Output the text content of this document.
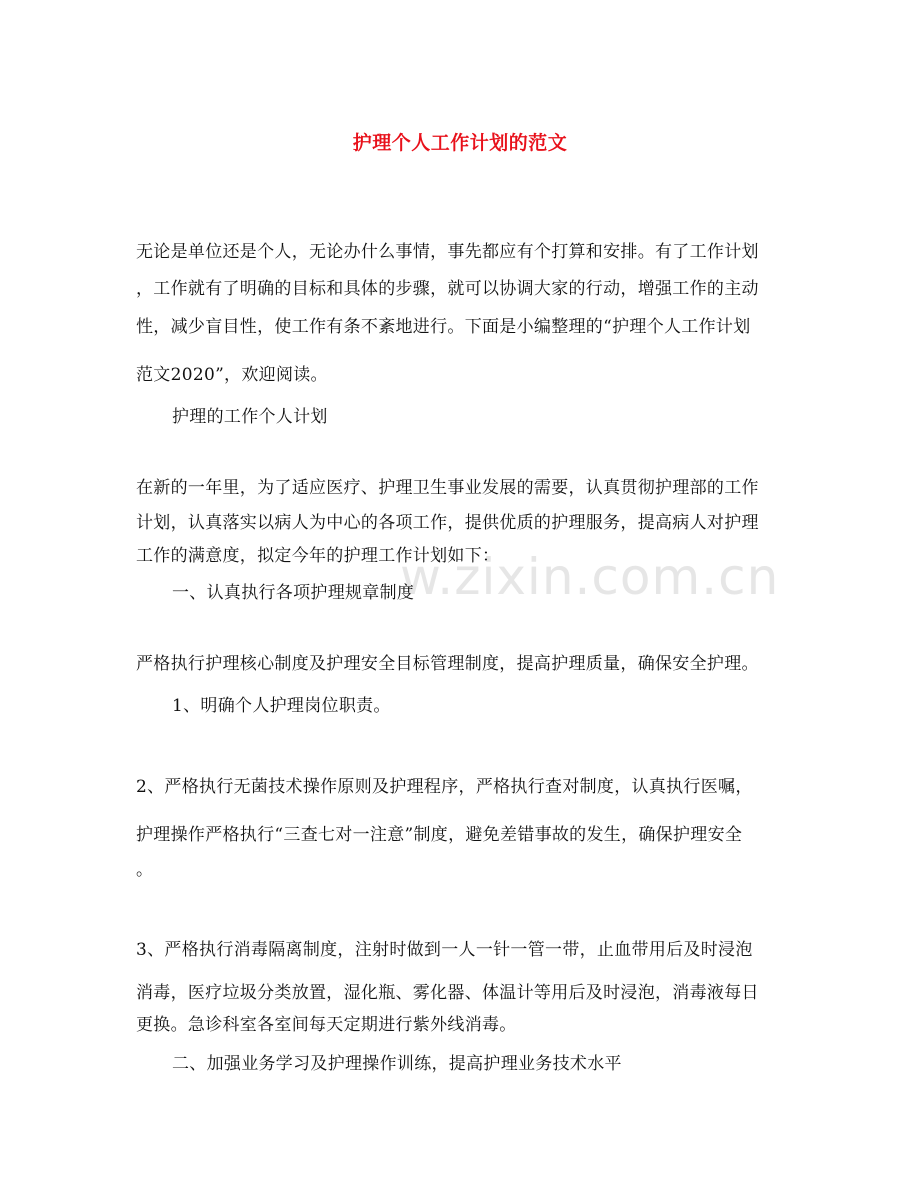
w.zixin.com.cn
护理个人工作计划的范文
无论是单位还是个人，无论办什么事情，事先都应有个打算和安排。有了工作计划
，工作就有了明确的目标和具体的步骤，就可以协调大家的行动，增强工作的主动
性，减少盲目性，使工作有条不紊地进行。下面是小编整理的“护理个人工作计划
范文2020”，欢迎阅读。
护理的工作个人计划
在新的一年里，为了适应医疗、护理卫生事业发展的需要，认真贯彻护理部的工作
计划，认真落实以病人为中心的各项工作，提供优质的护理服务，提高病人对护理
工作的满意度，拟定今年的护理工作计划如下：
一、认真执行各项护理规章制度
严格执行护理核心制度及护理安全目标管理制度，提高护理质量，确保安全护理。
1、明确个人护理岗位职责。
2、严格执行无菌技术操作原则及护理程序，严格执行查对制度，认真执行医嘱，
护理操作严格执行“三查七对一注意”制度，避免差错事故的发生，确保护理安全
。
3、严格执行消毒隔离制度，注射时做到一人一针一管一带，止血带用后及时浸泡
消毒，医疗垃圾分类放置，湿化瓶、雾化器、体温计等用后及时浸泡，消毒液每日
更换。急诊科室各室间每天定期进行紫外线消毒。
二、加强业务学习及护理操作训练，提高护理业务技术水平
